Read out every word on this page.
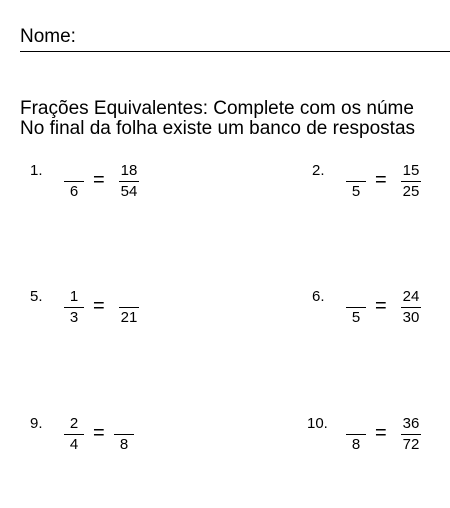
Nome:
Frações Equivalentes: Complete com os núme
No final da folha existe um banco de respostas
1.
6
= 18
54
2.
5
= 15
25
5.	1
3
=
21
6.
5
= 24
30
9.	2
4
=
8
10.
8
= 36
72
